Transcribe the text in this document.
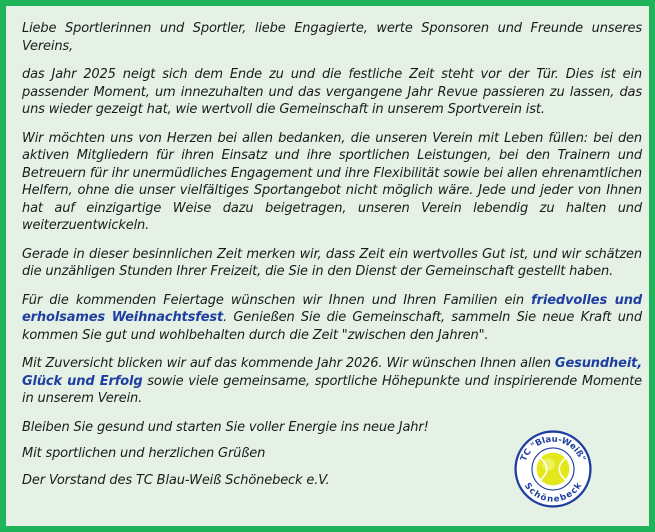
Liebe Sportlerinnen und Sportler, liebe Engagierte, werte Sponsoren und Freunde unseres Vereins,

das Jahr 2025 neigt sich dem Ende zu und die festliche Zeit steht vor der Tür. Dies ist ein passender Moment, um innezuhalten und das vergangene Jahr Revue passieren zu lassen, das uns wieder gezeigt hat, wie wertvoll die Gemeinschaft in unserem Sportverein ist.

Wir möchten uns von Herzen bei allen bedanken, die unseren Verein mit Leben füllen: bei den aktiven Mitgliedern für ihren Einsatz und ihre sportlichen Leistungen, bei den Trainern und Betreuern für ihr unermüdliches Engagement und ihre Flexibilität sowie bei allen ehrenamtlichen Helfern, ohne die unser vielfältiges Sportangebot nicht möglich wäre. Jede und jeder von Ihnen hat auf einzigartige Weise dazu beigetragen, unseren Verein lebendig zu halten und weiterzuentwickeln.

Gerade in dieser besinnlichen Zeit merken wir, dass Zeit ein wertvolles Gut ist, und wir schätzen die unzähligen Stunden Ihrer Freizeit, die Sie in den Dienst der Gemeinschaft gestellt haben.

Für die kommenden Feiertage wünschen wir Ihnen und Ihren Familien ein friedvolles und erholsames Weihnachtsfest. Genießen Sie die Gemeinschaft, sammeln Sie neue Kraft und kommen Sie gut und wohlbehalten durch die Zeit "zwischen den Jahren".

Mit Zuversicht blicken wir auf das kommende Jahr 2026. Wir wünschen Ihnen allen Gesundheit, Glück und Erfolg sowie viele gemeinsame, sportliche Höhepunkte und inspirierende Momente in unserem Verein.

Bleiben Sie gesund und starten Sie voller Energie ins neue Jahr!

Mit sportlichen und herzlichen Grüßen

Der Vorstand des TC Blau-Weiß Schönebeck e.V.

TC "Blau-Weiß"
Schönebeck
